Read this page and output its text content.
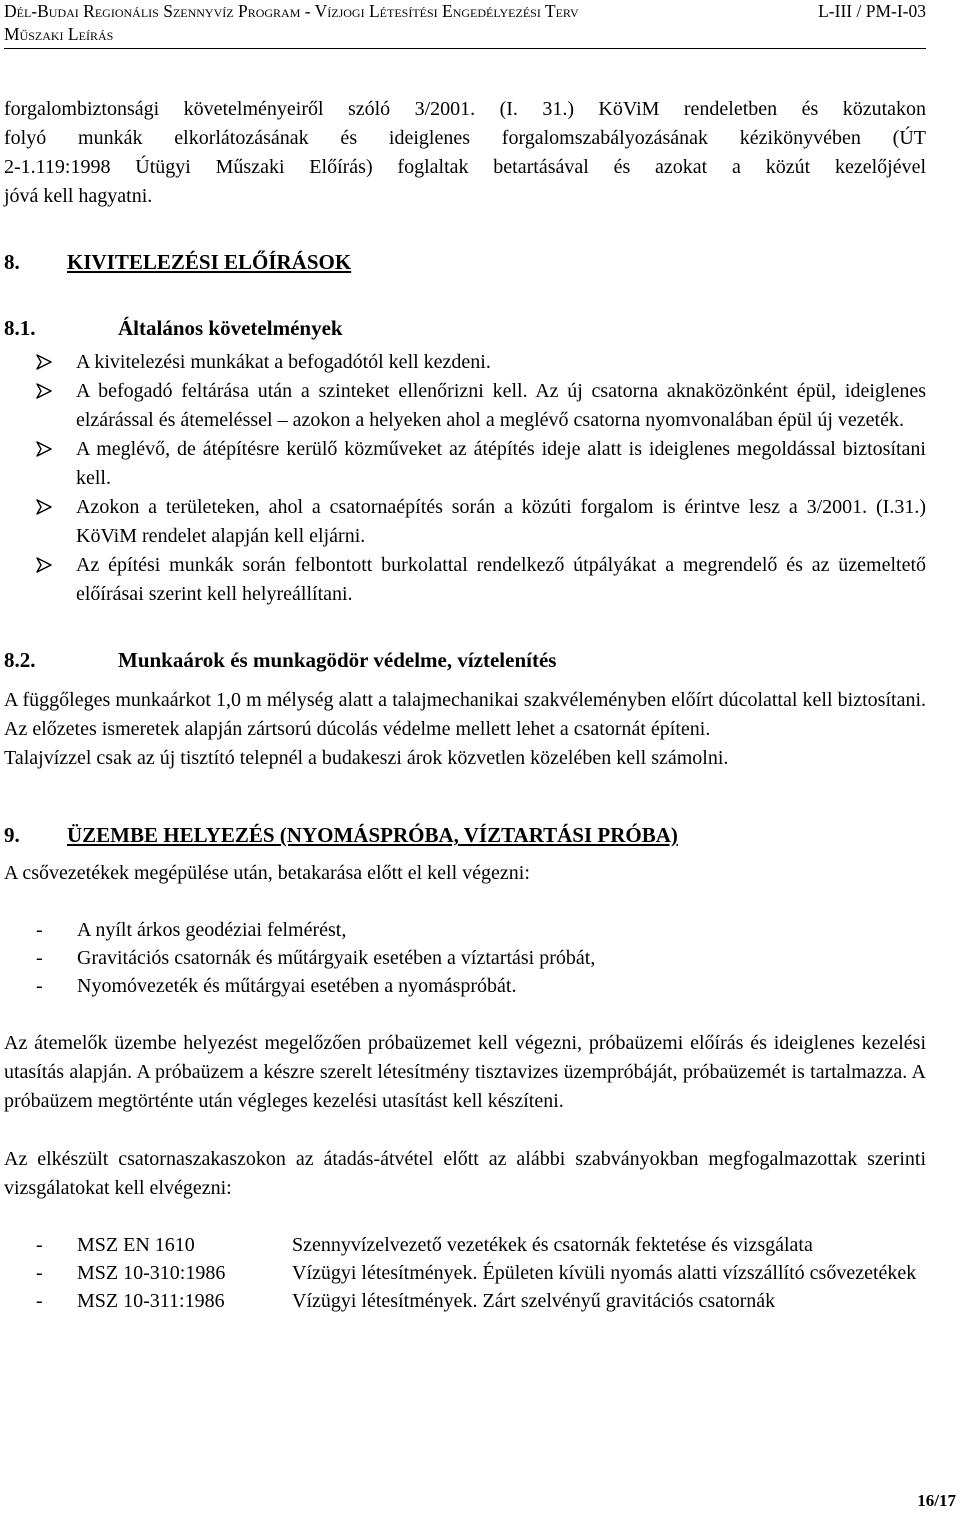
Dél-Budai Regionális Szennyvíz Program - Vízjogi Létesítési Engedélyezési Terv	L-III / PM-I-03
Műszaki Leírás

forgalombiztonsági követelményeiről szóló 3/2001. (I. 31.) KöViM rendeletben és közutakon

folyó munkák elkorlátozásának és ideiglenes forgalomszabályozásának kézikönyvében (ÚT

2-1.119:1998 Útügyi Műszaki Előírás) foglaltak betartásával és azokat a közút kezelőjével

jóvá kell hagyatni.

8.	KIVITELEZÉSI ELŐÍRÁSOK
8.1.	Általános követelmények
A kivitelezési munkákat a befogadótól kell kezdeni.
A befogadó feltárása után a szinteket ellenőrizni kell. Az új csatorna aknaközönként épül, ideiglenes elzárással és átemeléssel – azokon a helyeken ahol a meglévő csatorna nyomvonalában épül új vezeték.
A meglévő, de átépítésre kerülő közműveket az átépítés ideje alatt is ideiglenes megoldással biztosítani kell.
Azokon a területeken, ahol a csatornaépítés során a közúti forgalom is érintve lesz a 3/2001. (I.31.) KöViM rendelet alapján kell eljárni.
Az építési munkák során felbontott burkolattal rendelkező útpályákat a megrendelő és az üzemeltető előírásai szerint kell helyreállítani.
8.2.	Munkaárok és munkagödör védelme, víztelenítés

A függőleges munkaárkot 1,0 m mélység alatt a talajmechanikai szakvéleményben előírt dúcolattal kell biztosítani. Az előzetes ismeretek alapján zártsorú dúcolás védelme mellett lehet a csatornát építeni.

Talajvízzel csak az új tisztító telepnél a budakeszi árok közvetlen közelében kell számolni.

9.	ÜZEMBE HELYEZÉS (NYOMÁSPRÓBA, VÍZTARTÁSI PRÓBA)

A csővezetékek megépülése után, betakarása előtt el kell végezni:

-	A nyílt árkos geodéziai felmérést,
-	Gravitációs csatornák és műtárgyaik esetében a víztartási próbát,
-	Nyomóvezeték és műtárgyai esetében a nyomáspróbát.

Az átemelők üzembe helyezést megelőzően próbaüzemet kell végezni, próbaüzemi előírás és ideiglenes kezelési utasítás alapján. A próbaüzem a készre szerelt létesítmény tisztavizes üzempróbáját, próbaüzemét is tartalmazza. A próbaüzem megtörténte után végleges kezelési utasítást kell készíteni.

Az elkészült csatornaszakaszokon az átadás-átvétel előtt az alábbi szabványokban megfogalmazottak szerinti vizsgálatokat kell elvégezni:

-	MSZ EN 1610	Szennyvízelvezető vezetékek és csatornák fektetése és vizsgálata
-	MSZ 10-310:1986	Vízügyi létesítmények. Épületen kívüli nyomás alatti vízszállító csővezetékek
-	MSZ 10-311:1986	Vízügyi létesítmények. Zárt szelvényű gravitációs csatornák
16/17
